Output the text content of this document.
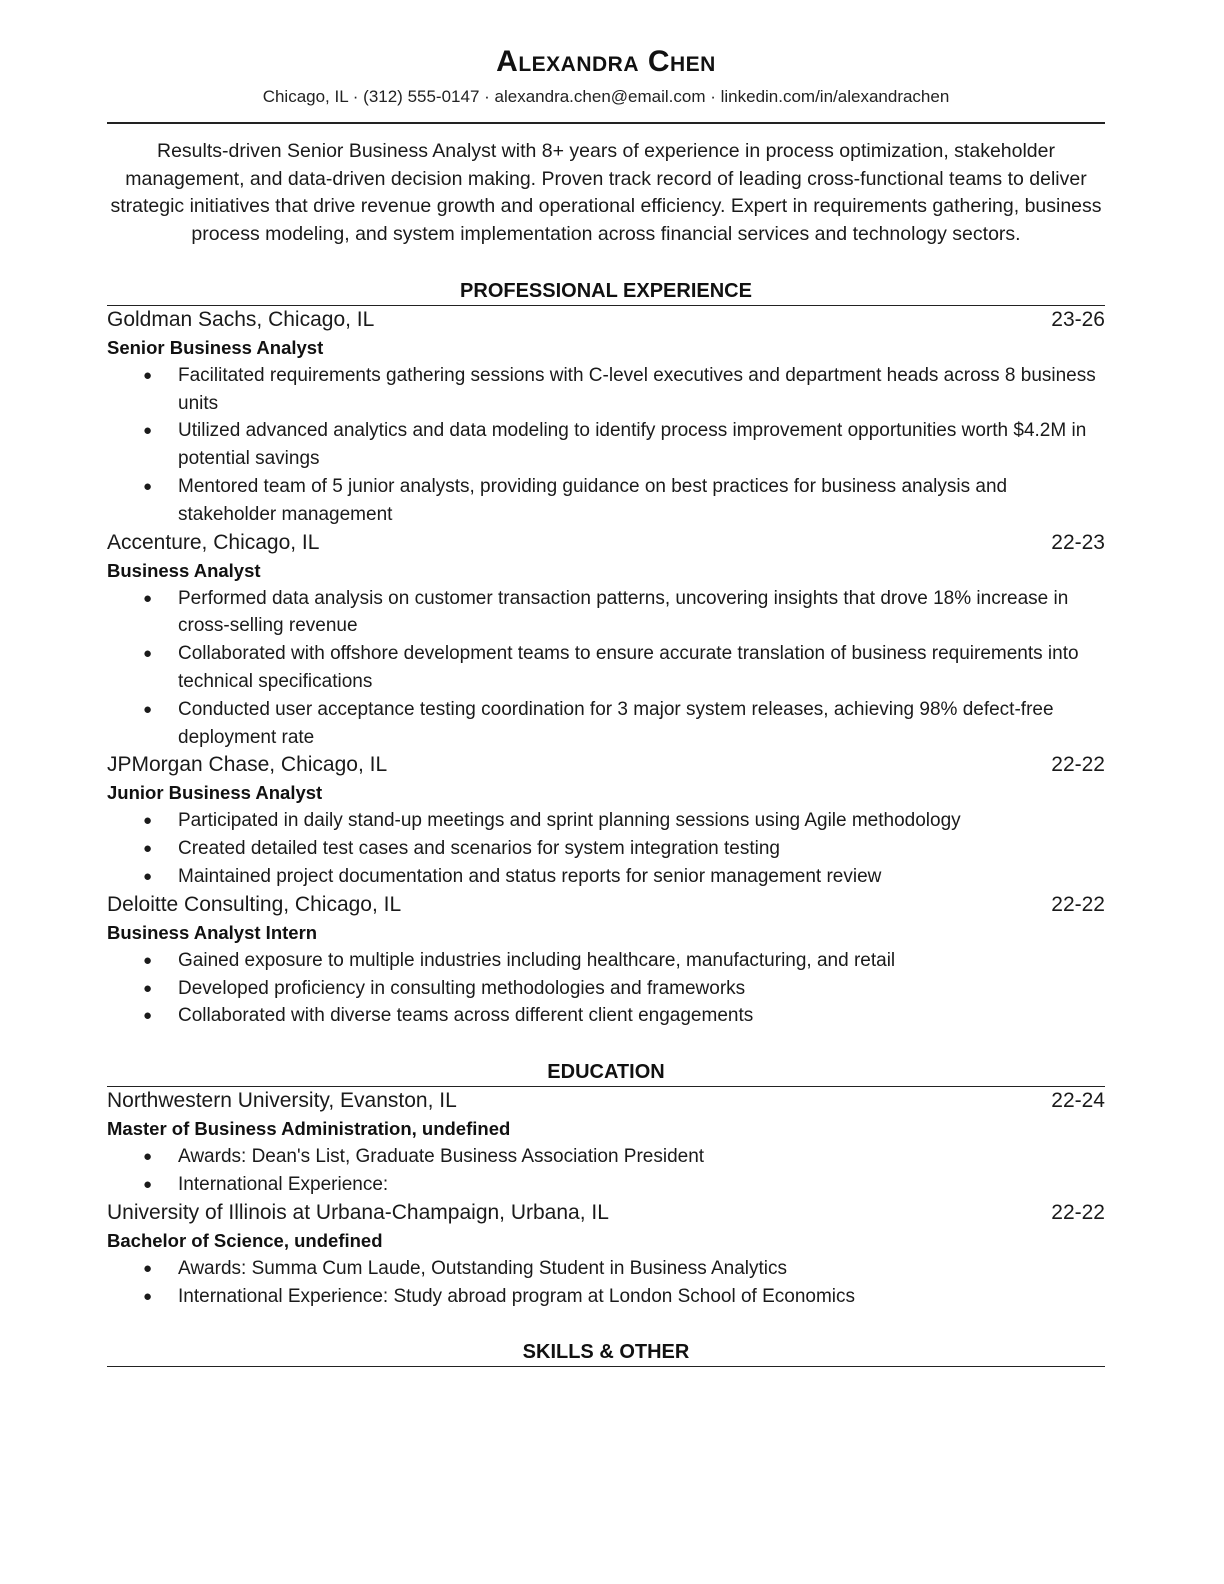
Alexandra Chen
Chicago, IL · (312) 555-0147 · alexandra.chen@email.com · linkedin.com/in/alexandrachen
Results-driven Senior Business Analyst with 8+ years of experience in process optimization, stakeholder management, and data-driven decision making. Proven track record of leading cross-functional teams to deliver strategic initiatives that drive revenue growth and operational efficiency. Expert in requirements gathering, business process modeling, and system implementation across financial services and technology sectors.
PROFESSIONAL EXPERIENCE
Goldman Sachs, Chicago, IL	23-26
Senior Business Analyst
● Facilitated requirements gathering sessions with C-level executives and department heads across 8 business units
● Utilized advanced analytics and data modeling to identify process improvement opportunities worth $4.2M in potential savings
● Mentored team of 5 junior analysts, providing guidance on best practices for business analysis and stakeholder management
Accenture, Chicago, IL	22-23
Business Analyst
● Performed data analysis on customer transaction patterns, uncovering insights that drove 18% increase in cross-selling revenue
● Collaborated with offshore development teams to ensure accurate translation of business requirements into technical specifications
● Conducted user acceptance testing coordination for 3 major system releases, achieving 98% defect-free deployment rate
JPMorgan Chase, Chicago, IL	22-22
Junior Business Analyst
● Participated in daily stand-up meetings and sprint planning sessions using Agile methodology
● Created detailed test cases and scenarios for system integration testing
● Maintained project documentation and status reports for senior management review
Deloitte Consulting, Chicago, IL	22-22
Business Analyst Intern
● Gained exposure to multiple industries including healthcare, manufacturing, and retail
● Developed proficiency in consulting methodologies and frameworks
● Collaborated with diverse teams across different client engagements
EDUCATION
Northwestern University, Evanston, IL	22-24
Master of Business Administration, undefined
● Awards: Dean's List, Graduate Business Association President
● International Experience:
University of Illinois at Urbana-Champaign, Urbana, IL	22-22
Bachelor of Science, undefined
● Awards: Summa Cum Laude, Outstanding Student in Business Analytics
● International Experience: Study abroad program at London School of Economics
SKILLS & OTHER
